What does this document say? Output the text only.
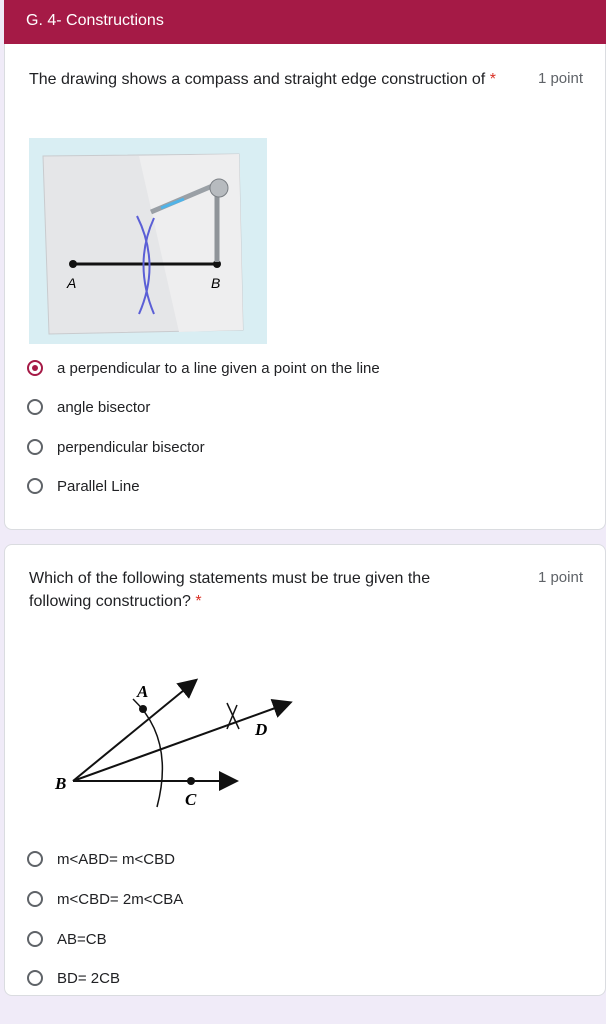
G. 4- Constructions
The drawing shows a compass and straight edge construction of *	1 point
A	B
a perpendicular to a line given a point on the line
angle bisector
perpendicular bisector
Parallel Line
Which of the following statements must be true given the following construction? *
1 point
A
B
C
D
m<ABD= m<CBD
m<CBD= 2m<CBA
AB=CB
BD= 2CB
